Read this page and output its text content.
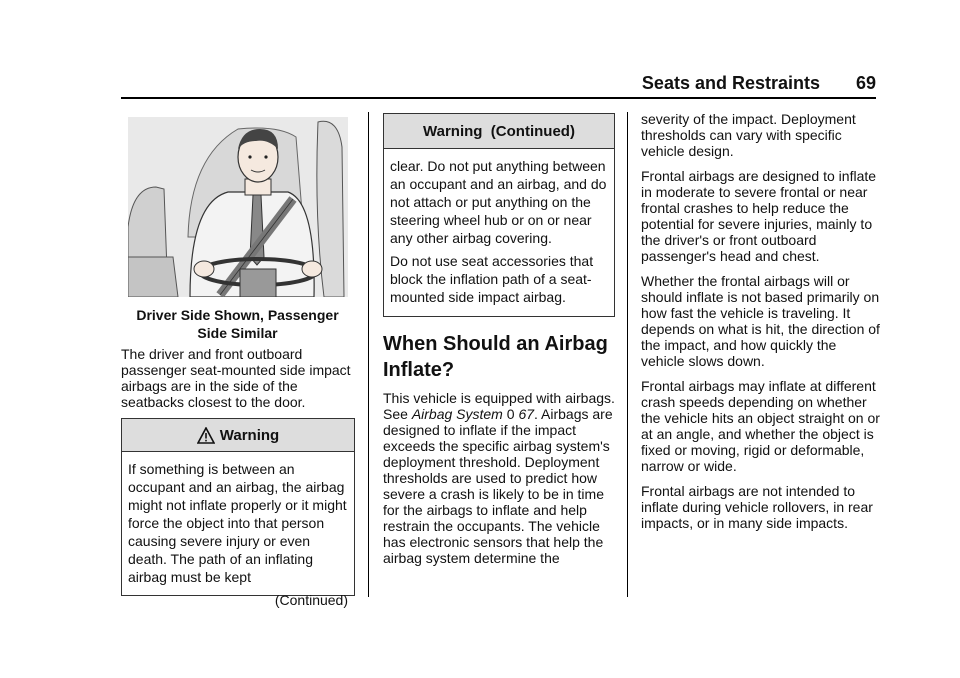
Seats and Restraints 69
Driver Side Shown, Passenger
Side Similar

The driver and front outboard passenger seat-mounted side impact airbags are in the side of the seatbacks closest to the door.

Warning

If something is between an occupant and an airbag, the airbag might not inflate properly or it might force the object into that person causing severe injury or even death. The path of an inflating airbag must be kept

(Continued)
Warning  (Continued)

clear. Do not put anything between an occupant and an airbag, and do not attach or put anything on the steering wheel hub or on or near any other airbag covering.

Do not use seat accessories that block the inflation path of a seat-mounted side impact airbag.

When Should an Airbag Inflate?

This vehicle is equipped with airbags. See Airbag System 0 67. Airbags are designed to inflate if the impact exceeds the specific airbag system's deployment threshold. Deployment thresholds are used to predict how severe a crash is likely to be in time for the airbags to inflate and help restrain the occupants. The vehicle has electronic sensors that help the airbag system determine the

severity of the impact. Deployment thresholds can vary with specific vehicle design.

Frontal airbags are designed to inflate in moderate to severe frontal or near frontal crashes to help reduce the potential for severe injuries, mainly to the driver's or front outboard passenger's head and chest.

Whether the frontal airbags will or should inflate is not based primarily on how fast the vehicle is traveling. It depends on what is hit, the direction of the impact, and how quickly the vehicle slows down.

Frontal airbags may inflate at different crash speeds depending on whether the vehicle hits an object straight on or at an angle, and whether the object is fixed or moving, rigid or deformable, narrow or wide.

Frontal airbags are not intended to inflate during vehicle rollovers, in rear impacts, or in many side impacts.
